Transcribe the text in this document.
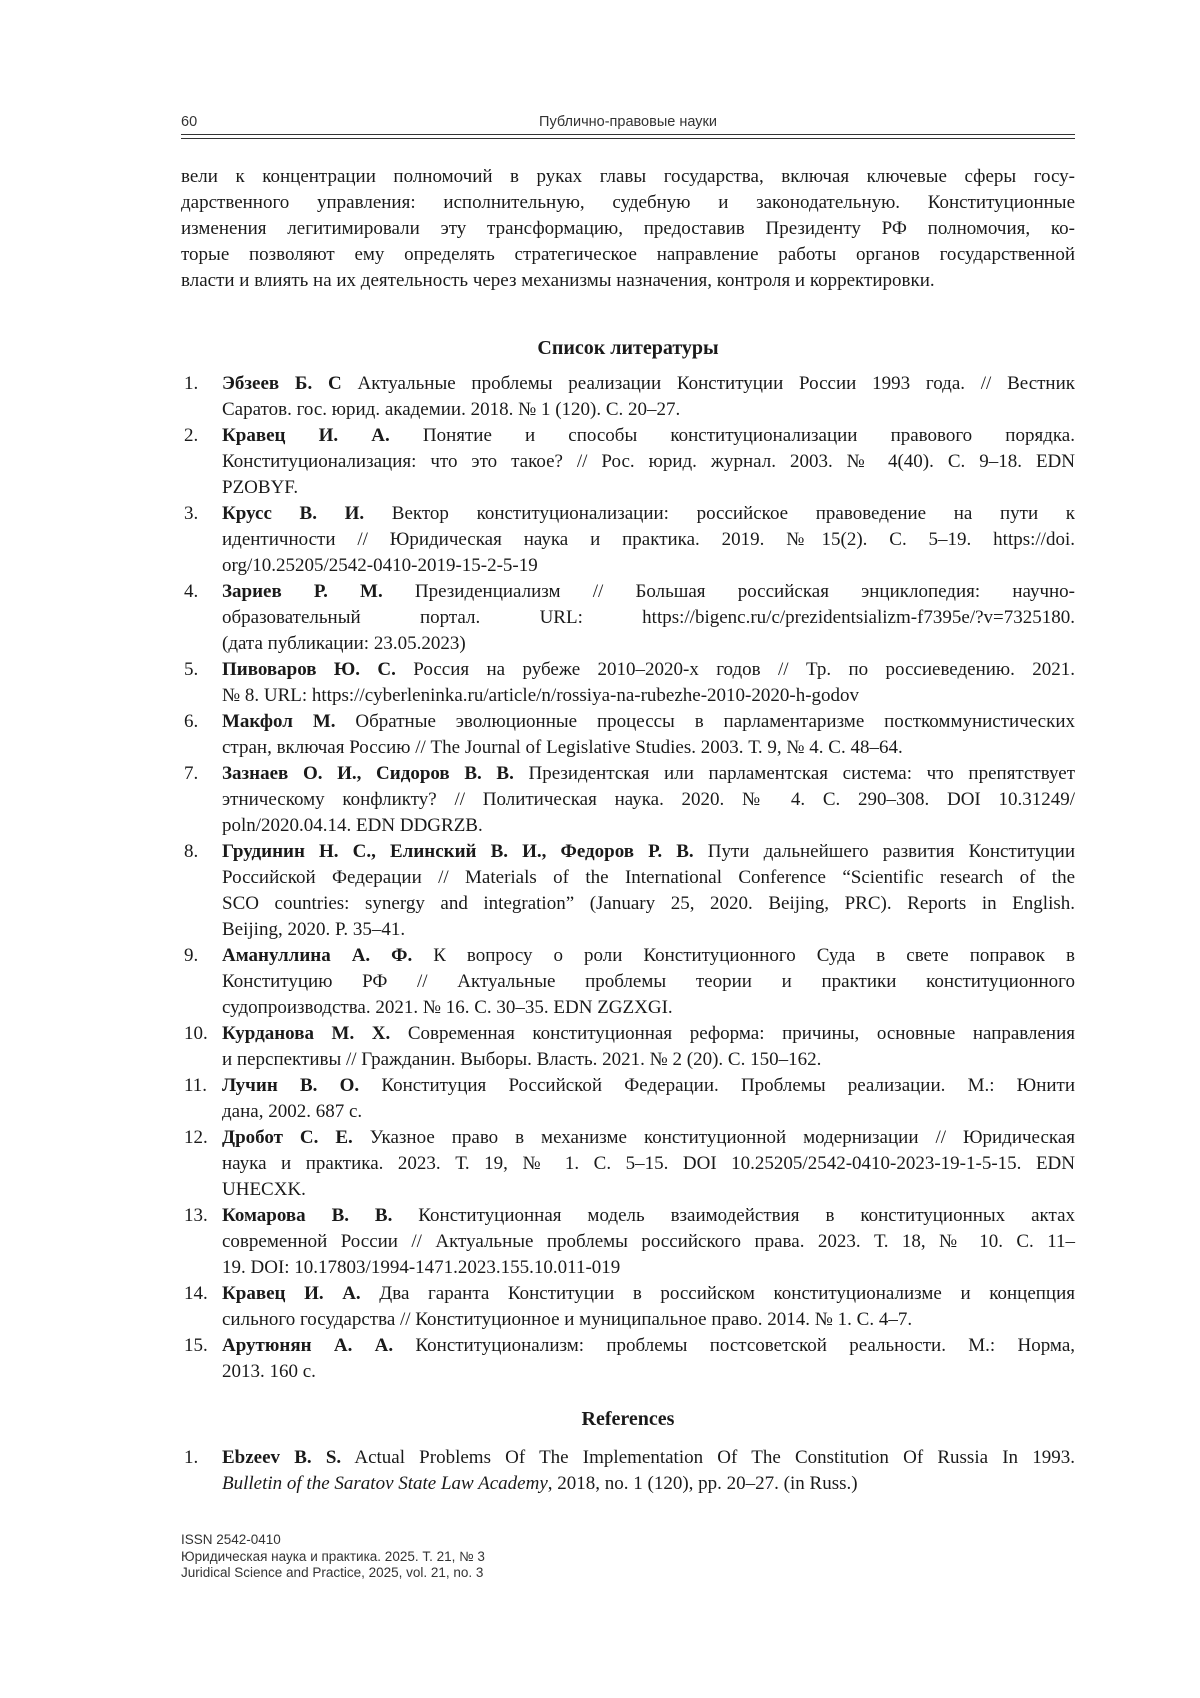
60	Публично-правовые науки
вели к концентрации полномочий в руках главы государства, включая ключевые сферы госу-
дарственного управления: исполнительную, судебную и законодательную. Конституционные
изменения легитимировали эту трансформацию, предоставив Президенту РФ полномочия, ко-
торые позволяют ему определять стратегическое направление работы органов государственной
власти и влиять на их деятельность через механизмы назначения, контроля и корректировки.
Список литературы
1. Эбзеев Б. С Актуальные проблемы реализации Конституции России 1993 года. // Вестник
Саратов. гос. юрид. академии. 2018. № 1 (120). С. 20–27.
2. Кравец И. А. Понятие и способы конституционализации правового порядка.
Конституционализация: что это такое? // Рос. юрид. журнал. 2003. № 4(40). С. 9–18. EDN
PZOBYF.
3. Крусс В. И. Вектор конституционализации: российское правоведение на пути к
идентичности // Юридическая наука и практика. 2019. №15(2). С. 5–19. https://doi.
org/10.25205/2542-0410-2019-15-2-5-19
4. Зариев Р. М. Президенциализм // Большая российская энциклопедия: научно-
образовательный портал. URL: https://bigenc.ru/c/prezidentsializm-f7395e/?v=7325180.
(дата публикации: 23.05.2023)
5. Пивоваров Ю. С. Россия на рубеже 2010–2020-х годов // Тр. по россиеведению. 2021.
№ 8. URL: https://cyberleninka.ru/article/n/rossiya-na-rubezhe-2010-2020-h-godov
6. Макфол М. Обратные эволюционные процессы в парламентаризме посткоммунистических
стран, включая Россию // The Journal of Legislative Studies. 2003. Т. 9, № 4. С. 48–64.
7. Зазнаев О. И., Сидоров В. В. Президентская или парламентская система: что препятствует
этническому конфликту? // Политическая наука. 2020. № 4. С. 290–308. DOI 10.31249/
poln/2020.04.14. EDN DDGRZB.
8. Грудинин Н. С., Елинский В. И., Федоров Р. В. Пути дальнейшего развития Конституции
Российской Федерации // Materials of the International Conference “Scientific research of the
SCO countries: synergy and integration” (January 25, 2020. Beijing, PRC). Reports in English.
Beijing, 2020. P. 35–41.
9. Амануллина А. Ф. К вопросу о роли Конституционного Суда в свете поправок в
Конституцию РФ // Актуальные проблемы теории и практики конституционного
судопроизводства. 2021. № 16. С. 30–35. EDN ZGZXGI.
10. Курданова М. Х. Современная конституционная реформа: причины, основные направления
и перспективы // Гражданин. Выборы. Власть. 2021. № 2 (20). С. 150–162.
11. Лучин В. О. Конституция Российской Федерации. Проблемы реализации. М.: Юнити
дана, 2002. 687 с.
12. Дробот С. Е. Указное право в механизме конституционной модернизации // Юридическая
наука и практика. 2023. Т. 19, № 1. С. 5–15. DOI 10.25205/2542-0410-2023-19-1-5-15. EDN
UHECXK.
13. Комарова В. В. Конституционная модель взаимодействия в конституционных актах
современной России // Актуальные проблемы российского права. 2023. Т. 18, № 10. С. 11–
19. DOI: 10.17803/1994-1471.2023.155.10.011-019
14. Кравец И. А. Два гаранта Конституции в российском конституционализме и концепция
сильного государства // Конституционное и муниципальное право. 2014. № 1. С. 4–7.
15. Арутюнян А. А. Конституционализм: проблемы постсоветской реальности. М.: Норма,
2013. 160 с.
References
1. Ebzeev B. S. Actual Problems Of The Implementation Of The Constitution Of Russia In 1993.
Bulletin of the Saratov State Law Academy, 2018, no. 1 (120), pp. 20–27. (in Russ.)
ISSN 2542-0410
Юридическая наука и практика. 2025. Т. 21, № 3
Juridical Science and Practice, 2025, vol. 21, no. 3
